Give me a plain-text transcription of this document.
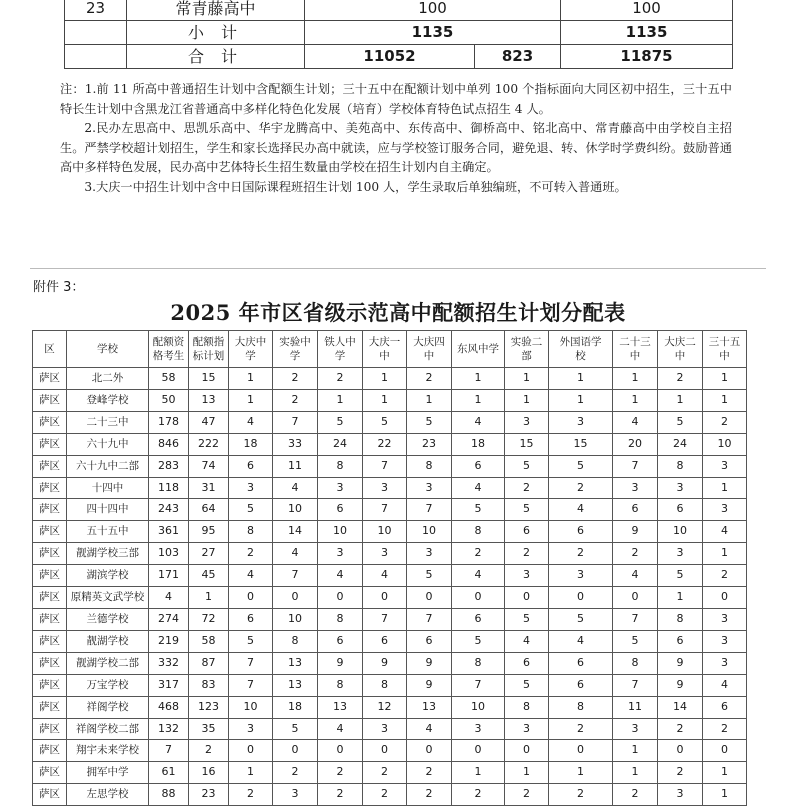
23	常青藤高中	100		100
	小 计	1135		1135
	合 计	11052	823	11875

注：1.前 11 所高中普通招生计划中含配额生计划；三十五中在配额计划中单列 100 个指标面向大同区初中招生，三十五中特长生计划中含黑龙江省普通高中多样化特色化发展（培育）学校体育特色试点招生 4 人。

2.民办左思高中、思凯乐高中、华宇龙腾高中、美苑高中、东传高中、御桥高中、铭北高中、常青藤高中由学校自主招生。严禁学校超计划招生，学生和家长选择民办高中就读，应与学校签订服务合同，避免退、转、休学时学费纠纷。鼓励普通高中多样特色发展，民办高中艺体特长生招生数量由学校在招生计划内自主确定。

3.大庆一中招生计划中含中日国际课程班招生计划 100 人，学生录取后单独编班，不可转入普通班。

附件 3：
2025 年市区省级示范高中配额招生计划分配表
区	学校	配额资格考生	配额指标计划	大庆中学	实验中学	铁人中学	大庆一中	大庆四中	东风中学	实验二部	外国语学校	二十三中	大庆二中	三十五中
萨区	北二外	58	15	1	2	2	1	2	1	1	1	1	2	1
萨区	登峰学校	50	13	1	2	1	1	1	1	1	1	1	1	1
萨区	二十三中	178	47	4	7	5	5	5	4	3	3	4	5	2
萨区	六十九中	846	222	18	33	24	22	23	18	15	15	20	24	10
萨区	六十九中二部	283	74	6	11	8	7	8	6	5	5	7	8	3
萨区	十四中	118	31	3	4	3	3	3	4	2	2	3	3	1
萨区	四十四中	243	64	5	10	6	7	7	5	5	4	6	6	3
萨区	五十五中	361	95	8	14	10	10	10	8	6	6	9	10	4
萨区	靓湖学校三部	103	27	2	4	3	3	3	2	2	2	2	3	1
萨区	湖滨学校	171	45	4	7	4	4	5	4	3	3	4	5	2
萨区	原精英文武学校	4	1	0	0	0	0	0	0	0	0	0	1	0
萨区	兰德学校	274	72	6	10	8	7	7	6	5	5	7	8	3
萨区	靓湖学校	219	58	5	8	6	6	6	5	4	4	5	6	3
萨区	靓湖学校二部	332	87	7	13	9	9	9	8	6	6	8	9	3
萨区	万宝学校	317	83	7	13	8	8	9	7	5	6	7	9	4
萨区	祥阁学校	468	123	10	18	13	12	13	10	8	8	11	14	6
萨区	祥阁学校二部	132	35	3	5	4	3	4	3	3	2	3	2	2
萨区	翔宇未来学校	7	2	0	0	0	0	0	0	0	0	1	0	0
萨区	拥军中学	61	16	1	2	2	2	2	1	1	1	1	2	1
萨区	左思学校	88	23	2	3	2	2	2	2	2	2	2	3	1
